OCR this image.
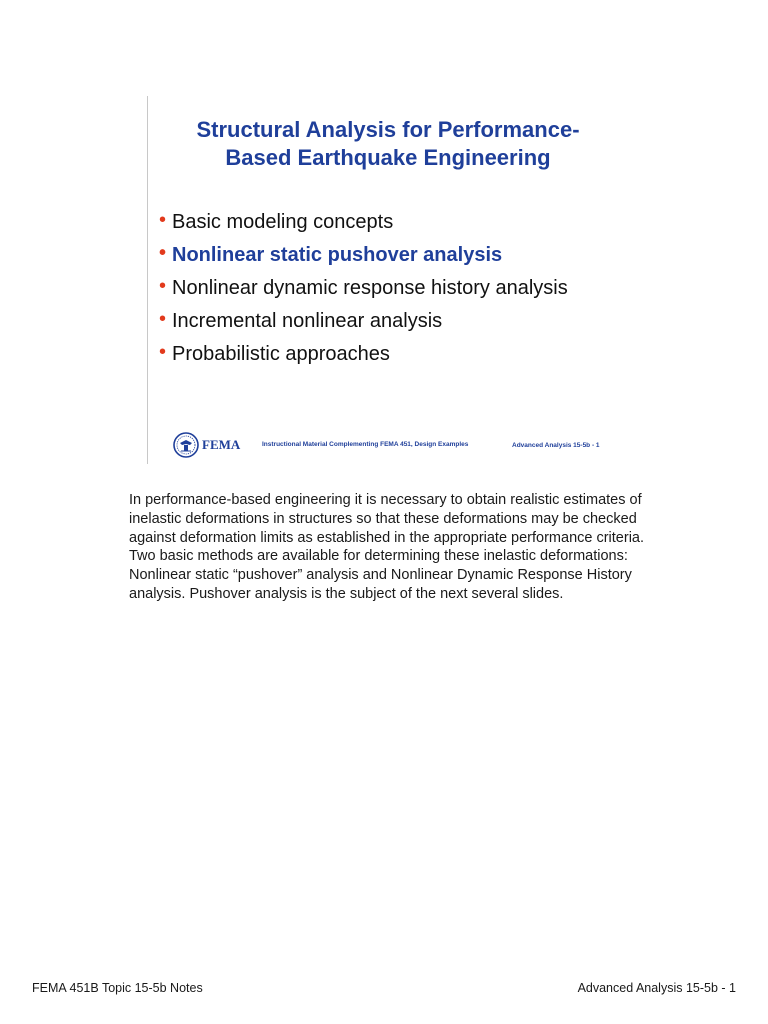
Structural Analysis for Performance-
Based Earthquake Engineering
• Basic modeling concepts
• Nonlinear static pushover analysis
• Nonlinear dynamic response history analysis
• Incremental nonlinear analysis
• Probabilistic approaches
FEMA	Instructional Material Complementing FEMA 451, Design Examples	Advanced Analysis 15-5b - 1

In performance-based engineering it is necessary to obtain realistic estimates of inelastic deformations in structures so that these deformations may be checked against deformation limits as established in the appropriate performance criteria. Two basic methods are available for determining these inelastic deformations: Nonlinear static “pushover” analysis and Nonlinear Dynamic Response History analysis. Pushover analysis is the subject of the next several slides.

FEMA 451B Topic 15-5b Notes	Advanced Analysis 15-5b - 1
